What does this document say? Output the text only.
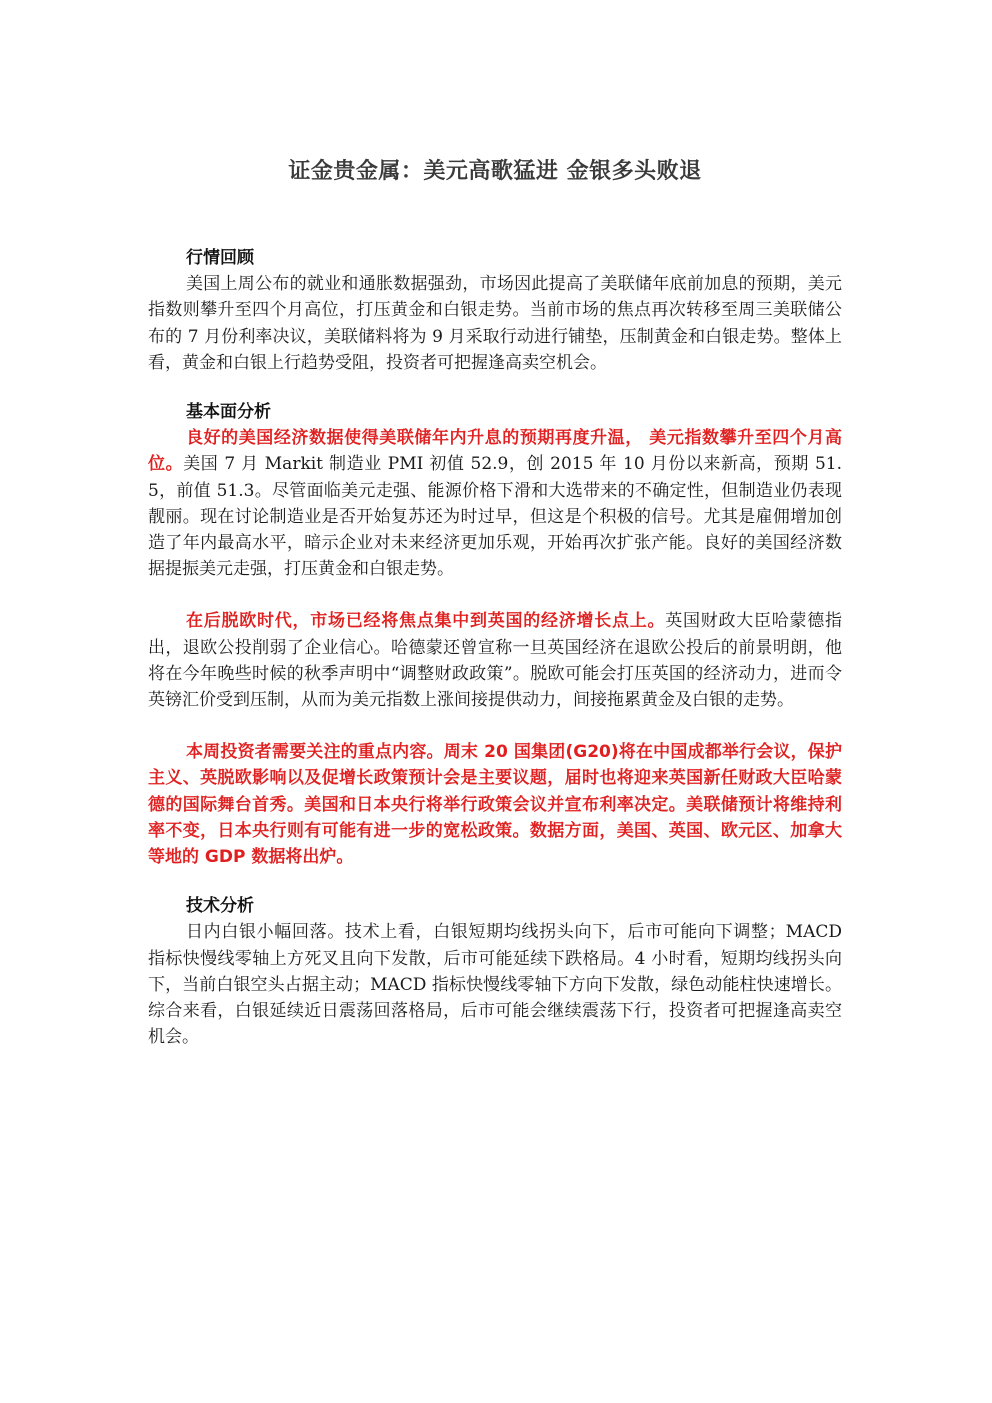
证金贵金属：美元高歌猛进 金银多头败退

行情回顾

美国上周公布的就业和通胀数据强劲，市场因此提高了美联储年底前加息的预期，美元指数则攀升至四个月高位，打压黄金和白银走势。当前市场的焦点再次转移至周三美联储公布的 7 月份利率决议，美联储料将为 9 月采取行动进行铺垫，压制黄金和白银走势。整体上看，黄金和白银上行趋势受阻，投资者可把握逢高卖空机会。

基本面分析

良好的美国经济数据使得美联储年内升息的预期再度升温， 美元指数攀升至四个月高位。美国 7 月 Markit 制造业 PMI 初值 52.9，创 2015 年 10 月份以来新高，预期 51.5，前值 51.3。尽管面临美元走强、能源价格下滑和大选带来的不确定性，但制造业仍表现靓丽。现在讨论制造业是否开始复苏还为时过早，但这是个积极的信号。尤其是雇佣增加创造了年内最高水平，暗示企业对未来经济更加乐观，开始再次扩张产能。良好的美国经济数据提振美元走强，打压黄金和白银走势。

在后脱欧时代，市场已经将焦点集中到英国的经济增长点上。英国财政大臣哈蒙德指出，退欧公投削弱了企业信心。哈德蒙还曾宣称一旦英国经济在退欧公投后的前景明朗，他将在今年晚些时候的秋季声明中“调整财政政策”。脱欧可能会打压英国的经济动力，进而令英镑汇价受到压制，从而为美元指数上涨间接提供动力，间接拖累黄金及白银的走势。

本周投资者需要关注的重点内容。周末 20 国集团(G20)将在中国成都举行会议，保护主义、英脱欧影响以及促增长政策预计会是主要议题，届时也将迎来英国新任财政大臣哈蒙德的国际舞台首秀。美国和日本央行将举行政策会议并宣布利率决定。美联储预计将维持利率不变，日本央行则有可能有进一步的宽松政策。数据方面，美国、英国、欧元区、加拿大等地的 GDP 数据将出炉。

技术分析

日内白银小幅回落。技术上看，白银短期均线拐头向下，后市可能向下调整；MACD 指标快慢线零轴上方死叉且向下发散，后市可能延续下跌格局。4 小时看，短期均线拐头向下，当前白银空头占据主动；MACD 指标快慢线零轴下方向下发散，绿色动能柱快速增长。综合来看，白银延续近日震荡回落格局，后市可能会继续震荡下行，投资者可把握逢高卖空机会。
